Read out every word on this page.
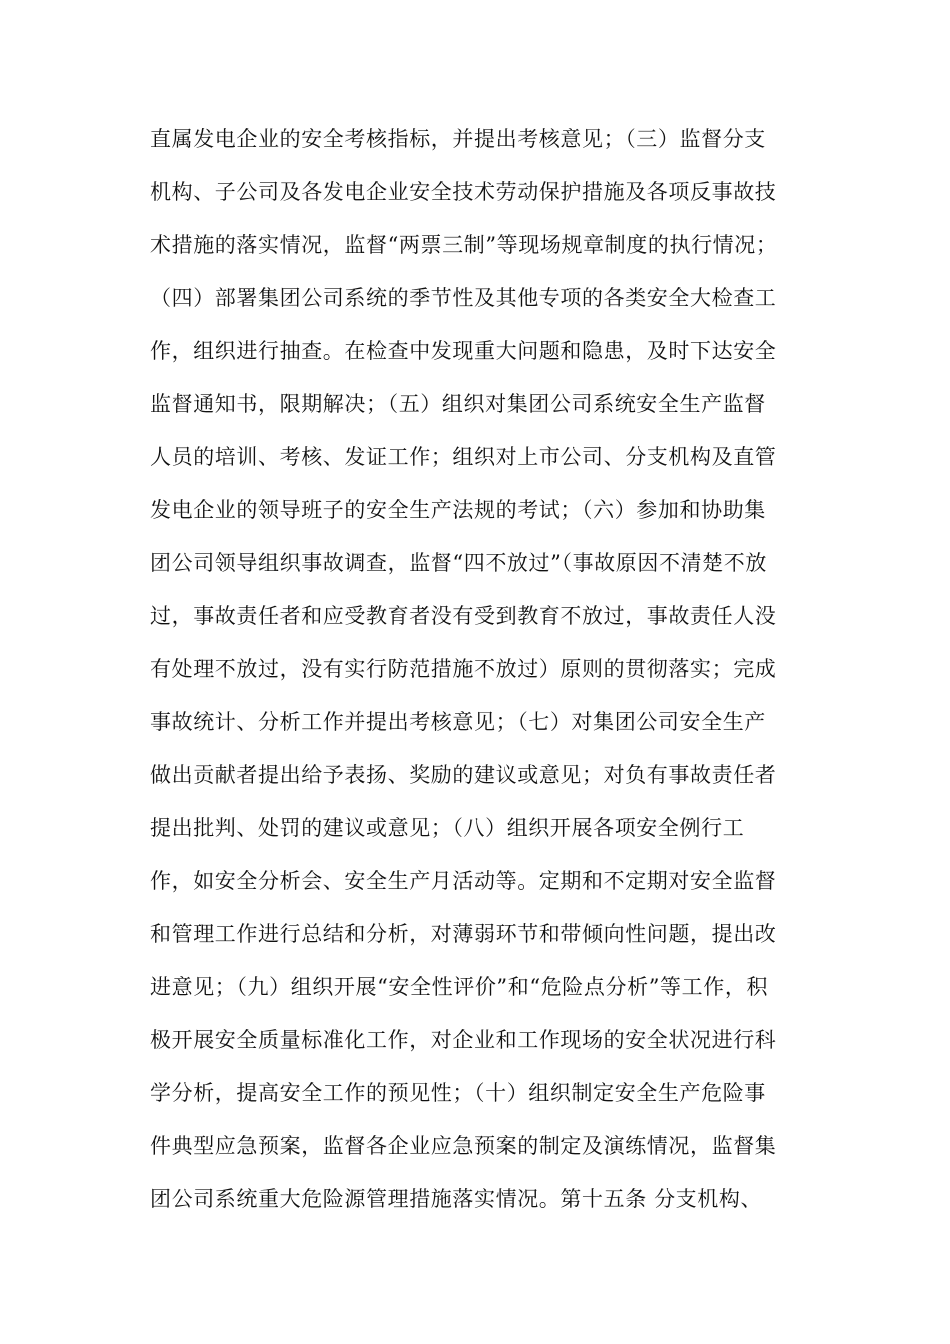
直属发电企业的安全考核指标，并提出考核意见；（三）监督分支
机构、子公司及各发电企业安全技术劳动保护措施及各项反事故技
术措施的落实情况，监督“两票三制”等现场规章制度的执行情况；
（四）部署集团公司系统的季节性及其他专项的各类安全大检查工
作，组织进行抽查。在检查中发现重大问题和隐患，及时下达安全
监督通知书，限期解决；（五）组织对集团公司系统安全生产监督
人员的培训、考核、发证工作；组织对上市公司、分支机构及直管
发电企业的领导班子的安全生产法规的考试；（六）参加和协助集
团公司领导组织事故调查，监督“四不放过”（事故原因不清楚不放
过，事故责任者和应受教育者没有受到教育不放过，事故责任人没
有处理不放过，没有实行防范措施不放过）原则的贯彻落实；完成
事故统计、分析工作并提出考核意见；（七）对集团公司安全生产
做出贡献者提出给予表扬、奖励的建议或意见；对负有事故责任者
提出批判、处罚的建议或意见；（八）组织开展各项安全例行工
作，如安全分析会、安全生产月活动等。定期和不定期对安全监督
和管理工作进行总结和分析，对薄弱环节和带倾向性问题，提出改
进意见；（九）组织开展“安全性评价”和“危险点分析”等工作，积
极开展安全质量标准化工作，对企业和工作现场的安全状况进行科
学分析，提高安全工作的预见性；（十）组织制定安全生产危险事
件典型应急预案，监督各企业应急预案的制定及演练情况，监督集
团公司系统重大危险源管理措施落实情况。第十五条 分支机构、
